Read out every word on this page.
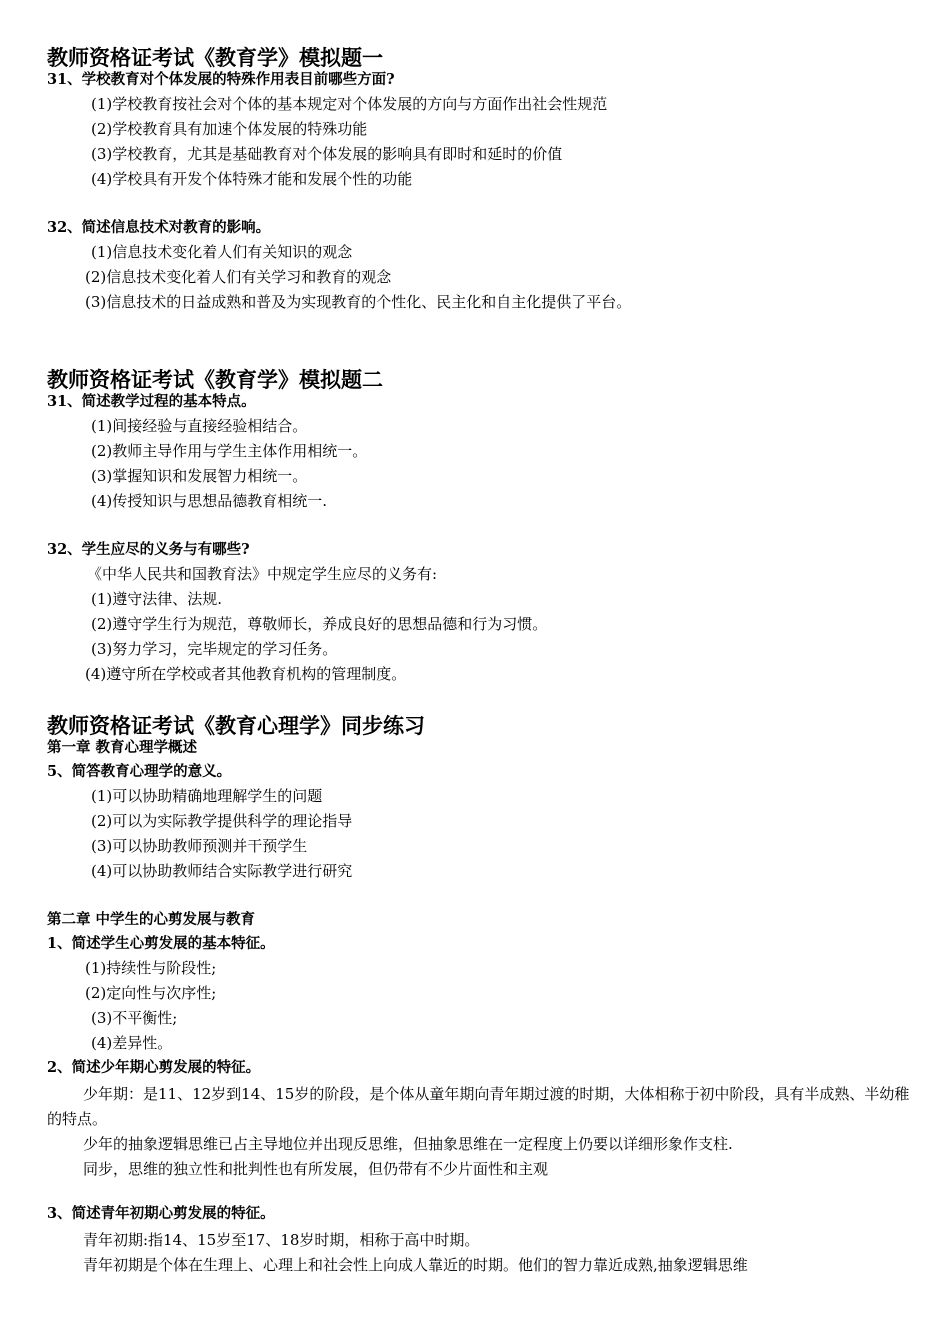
教师资格证考试《教育学》模拟题一
31、学校教育对个体发展的特殊作用表目前哪些方面?
(1)学校教育按社会对个体的基本规定对个体发展的方向与方面作出社会性规范
(2)学校教育具有加速个体发展的特殊功能
(3)学校教育，尤其是基础教育对个体发展的影响具有即时和延时的价值
(4)学校具有开发个体特殊才能和发展个性的功能
32、简述信息技术对教育的影响。
(1)信息技术变化着人们有关知识的观念
(2)信息技术变化着人们有关学习和教育的观念
(3)信息技术的日益成熟和普及为实现教育的个性化、民主化和自主化提供了平台。
教师资格证考试《教育学》模拟题二
31、简述教学过程的基本特点。
(1)间接经验与直接经验相结合。
(2)教师主导作用与学生主体作用相统一。
(3)掌握知识和发展智力相统一。
(4)传授知识与思想品德教育相统一.
32、学生应尽的义务与有哪些?
《中华人民共和国教育法》中规定学生应尽的义务有:
(1)遵守法律、法规.
(2)遵守学生行为规范，尊敬师长，养成良好的思想品德和行为习惯。
(3)努力学习，完毕规定的学习任务。
(4)遵守所在学校或者其他教育机构的管理制度。
教师资格证考试《教育心理学》同步练习
第一章 教育心理学概述
5、简答教育心理学的意义。
(1)可以协助精确地理解学生的问题
(2)可以为实际教学提供科学的理论指导
(3)可以协助教师预测并干预学生
(4)可以协助教师结合实际教学进行研究
第二章 中学生的心剪发展与教育
1、简述学生心剪发展的基本特征。
(1)持续性与阶段性;
(2)定向性与次序性;
(3)不平衡性;
(4)差异性。
2、简述少年期心剪发展的特征。
少年期：是11、12岁到14、15岁的阶段，是个体从童年期向青年期过渡的时期，大体相称于初中阶段，具有半成熟、半幼稚的特点。
少年的抽象逻辑思维已占主导地位并出现反思维，但抽象思维在一定程度上仍要以详细形象作支柱.
同步，思维的独立性和批判性也有所发展，但仍带有不少片面性和主观
3、简述青年初期心剪发展的特征。
青年初期:指14、15岁至17、18岁时期，相称于高中时期。
青年初期是个体在生理上、心理上和社会性上向成人靠近的时期。他们的智力靠近成熟,抽象逻辑思维
